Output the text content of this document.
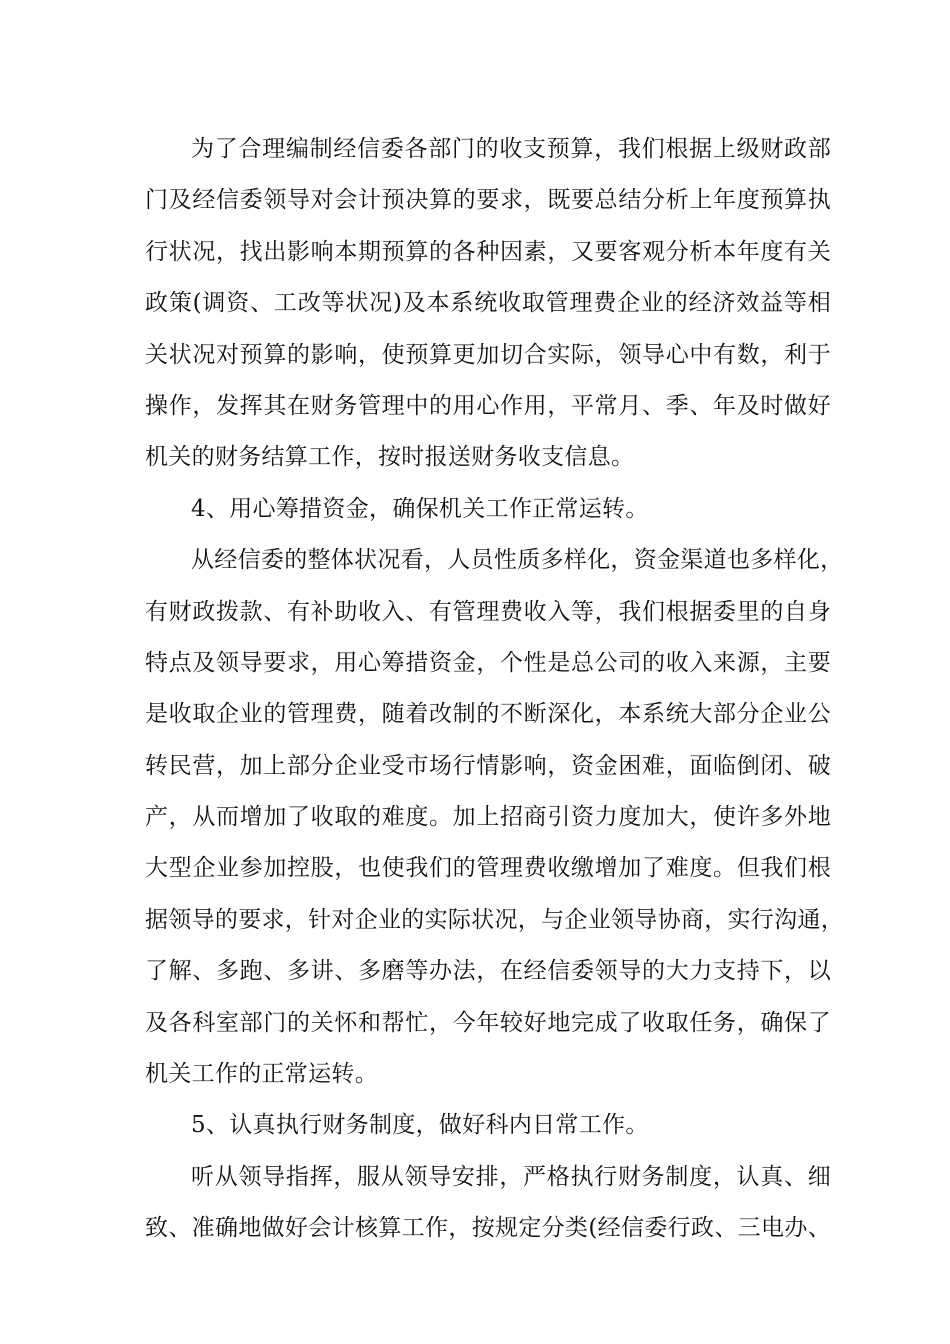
为了合理编制经信委各部门的收支预算，我们根据上级财政部
门及经信委领导对会计预决算的要求，既要总结分析上年度预算执
行状况，找出影响本期预算的各种因素，又要客观分析本年度有关
政策(调资、工改等状况)及本系统收取管理费企业的经济效益等相
关状况对预算的影响，使预算更加切合实际，领导心中有数，利于
操作，发挥其在财务管理中的用心作用，平常月、季、年及时做好
机关的财务结算工作，按时报送财务收支信息。
4、用心筹措资金，确保机关工作正常运转。
从经信委的整体状况看，人员性质多样化，资金渠道也多样化，
有财政拨款、有补助收入、有管理费收入等，我们根据委里的自身
特点及领导要求，用心筹措资金，个性是总公司的收入来源，主要
是收取企业的管理费，随着改制的不断深化，本系统大部分企业公
转民营，加上部分企业受市场行情影响，资金困难，面临倒闭、破
产，从而增加了收取的难度。加上招商引资力度加大，使许多外地
大型企业参加控股，也使我们的管理费收缴增加了难度。但我们根
据领导的要求，针对企业的实际状况，与企业领导协商，实行沟通，
了解、多跑、多讲、多磨等办法，在经信委领导的大力支持下，以
及各科室部门的关怀和帮忙，今年较好地完成了收取任务，确保了
机关工作的正常运转。
5、认真执行财务制度，做好科内日常工作。
听从领导指挥，服从领导安排，严格执行财务制度，认真、细
致、准确地做好会计核算工作，按规定分类(经信委行政、三电办、
